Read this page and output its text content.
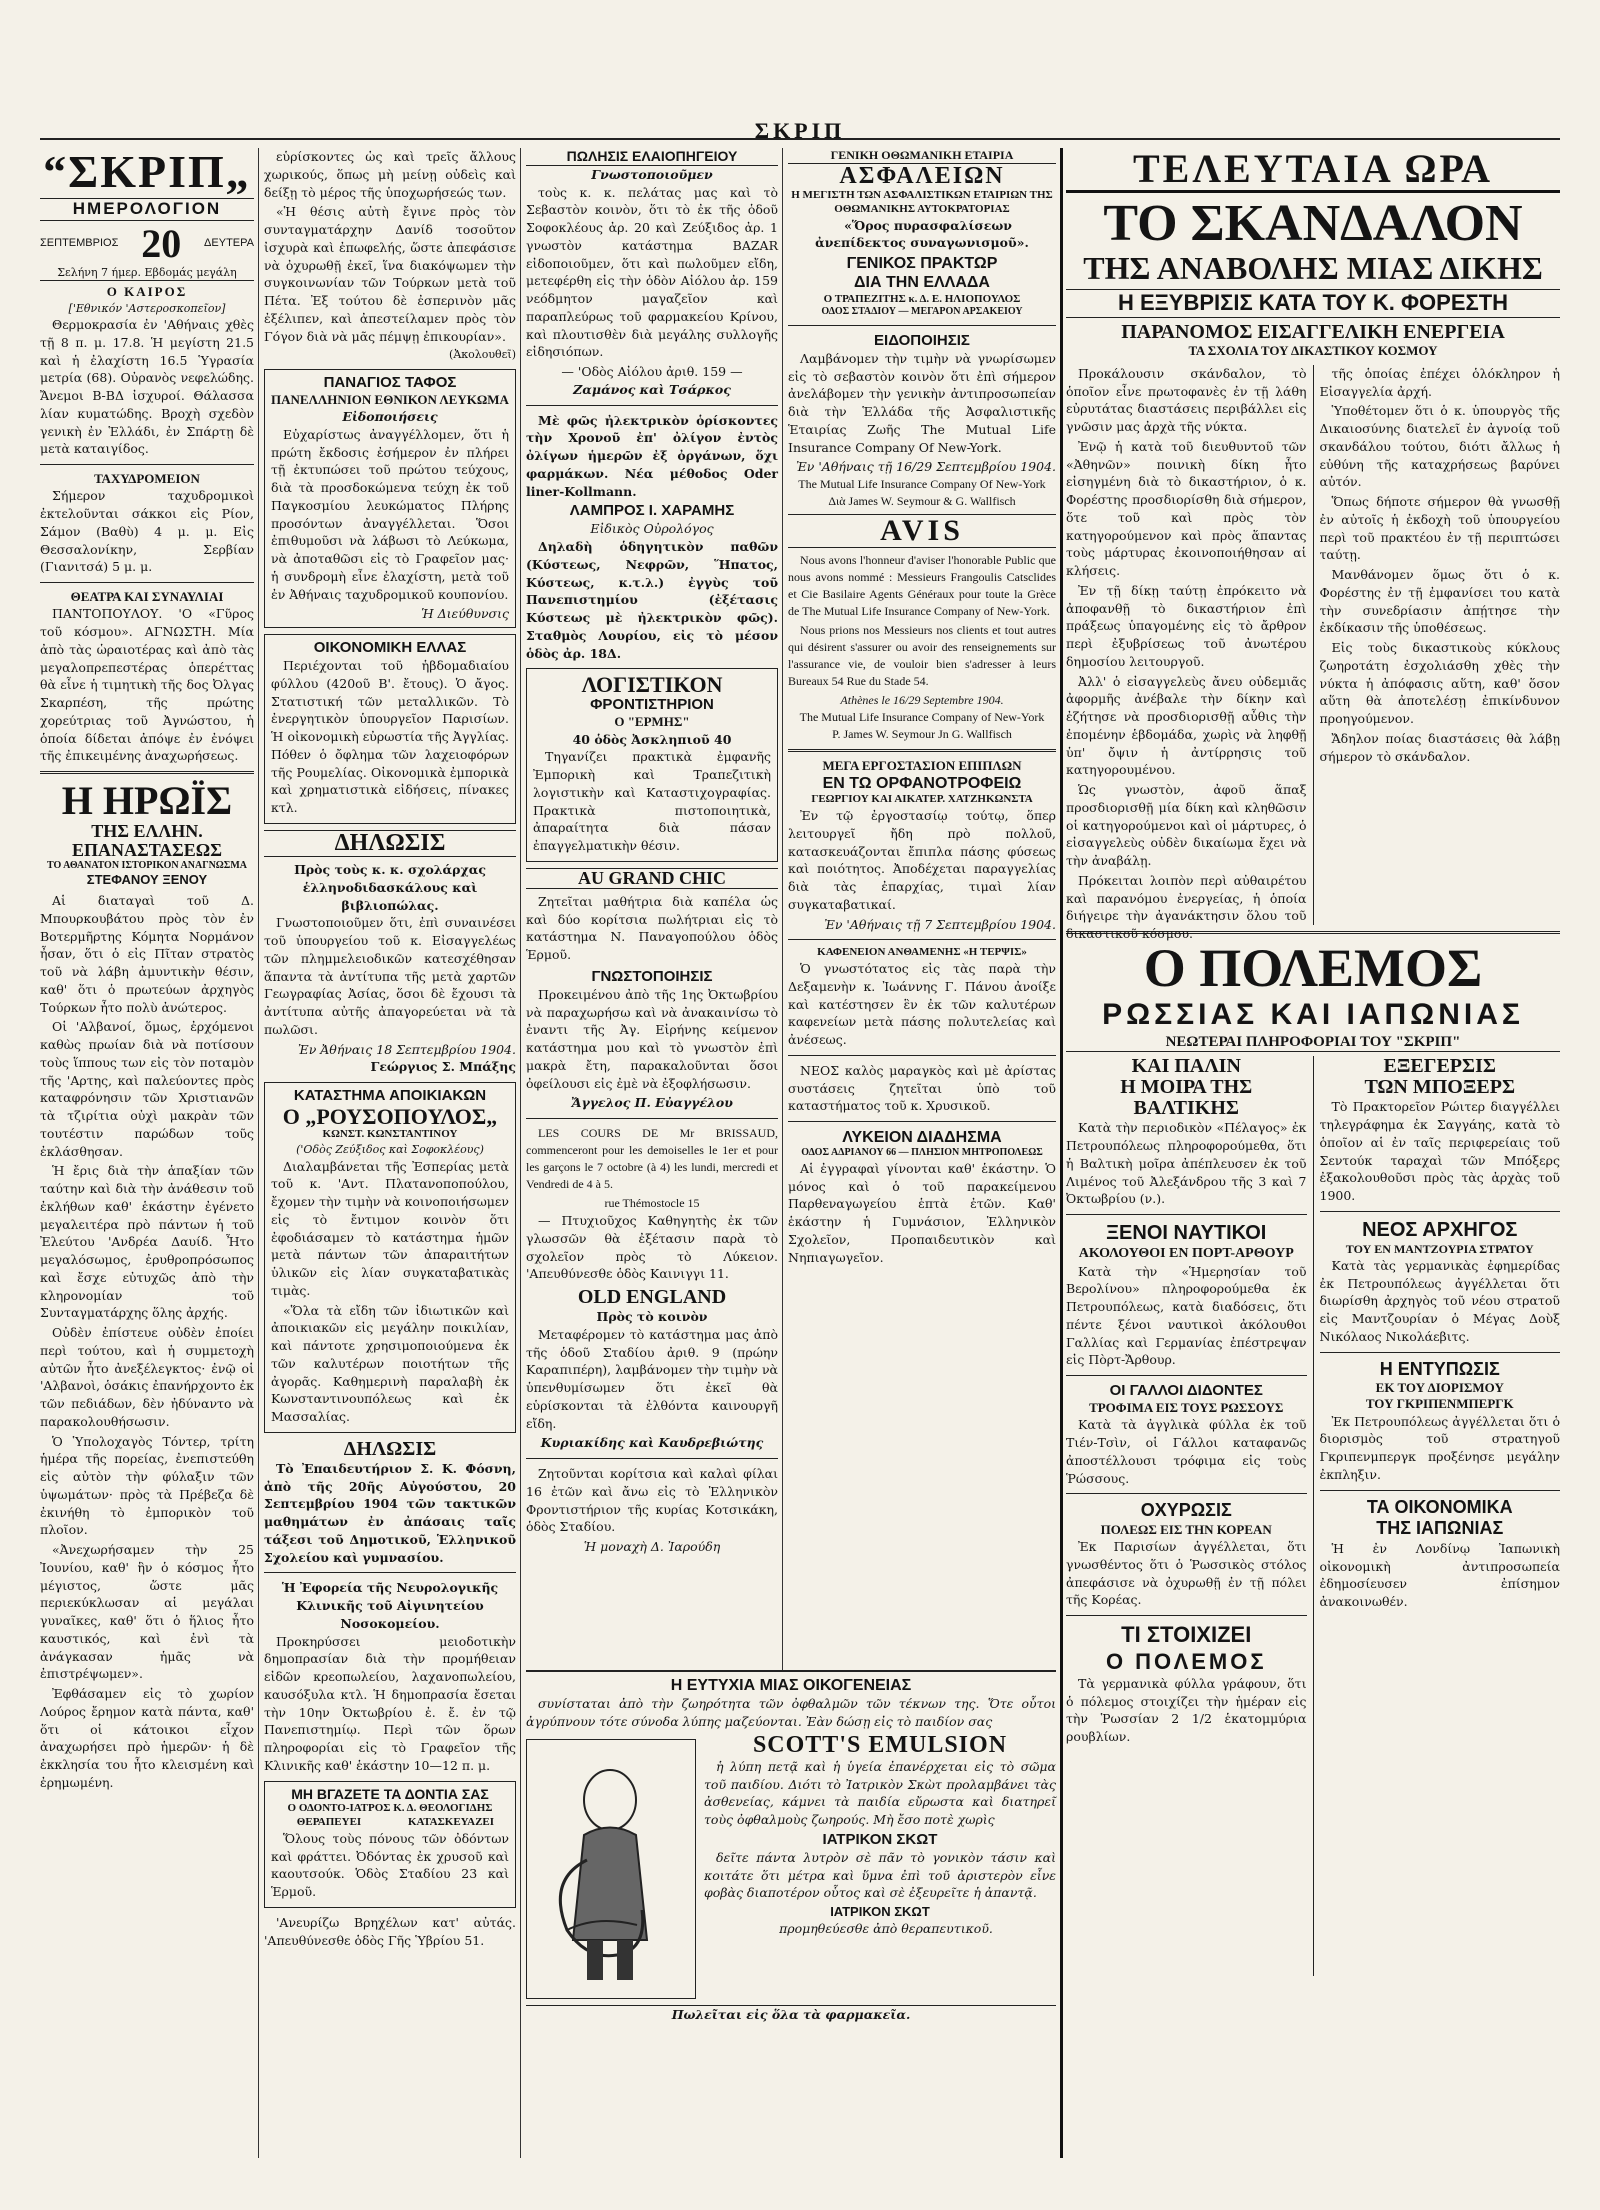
ΣΚΡΙΠ
“ΣΚΡΙΠ„
ΗΜΕΡΟΛΟΓΙΟΝ
ΣΕΠΤΕΜΒΡΙΟΣ 20 ΔΕΥΤΕΡΑ
Σελήνη 7 ήμερ. Εβδομάς μεγάλη
Ο ΚΑΙΡΟΣ
['Εθνικόν 'Αστεροσκοπεῖον]

Θερμοκρασία ἐν 'Αθήναις χθὲς τῇ 8 π. μ. 17.8. Ἡ μεγίστη 21.5 καὶ ἡ ἐλαχίστη 16.5 Ὑγρασία μετρία (68). Οὐρανὸς νεφελώδης. Ἄνεμοι Β-ΒΔ ἰσχυροί. Θάλασσα λίαν κυματώδης. Βροχὴ σχεδὸν γενικὴ ἐν Ἑλλάδι, ἐν Σπάρτῃ δὲ μετὰ καταιγίδος.

ΤΑΧΥΔΡΟΜΕΙΟΝ

Σήμερον ταχυδρομικοὶ ἐκτελοῦνται σάκκοι εἰς Ρίον, Σάμον (Βαθὺ) 4 μ. μ. Εἰς Θεσσαλονίκην, Σερβίαν (Γιανιτσά) 5 μ. μ.

ΘΕΑΤΡΑ ΚΑΙ ΣΥΝΑΥΛΙΑΙ

ΠΑΝΤΟΠΟΥΛΟΥ. 'Ο «Γῦρος τοῦ κόσμου». ΑΓΝΩΣΤΗ. Μία ἀπὸ τὰς ὡραιοτέρας καὶ ἀπὸ τὰς μεγαλοπρεπεστέρας ὁπερέττας θὰ εἶνε ἡ τιμητικὴ τῆς δος Ὀλγας Σκαρπέση, τῆς πρώτης χορεύτριας τοῦ Ἀγνώστου, ἡ ὁποία δίδεται ἀπόψε ἐν ἐνόψει τῆς ἐπικειμένης ἀναχωρήσεως.

Η ΗΡΩΪΣ
ΤΗΣ ΕΛΛΗΝ. ΕΠΑΝΑΣΤΑΣΕΩΣ
ΤΟ ΑΘΑΝΑΤΟΝ ΙΣΤΟΡΙΚΟΝ ΑΝΑΓΝΩΣΜΑ
ΣΤΕΦΑΝΟΥ ΞΕΝΟΥ

Αἱ διαταγαὶ τοῦ Δ. Μπουρκουβάτου πρὸς τὸν ἐν Βοτερμῆρτης Κόμητα Νορμάνον ἦσαν, ὅτι ὁ εἰς Πῖταν στρατὸς τοῦ νὰ λάβη ἀμυντικὴν θέσιν, καθ' ὅτι ὁ πρωτεύων ἀρχηγὸς Τούρκων ἦτο πολὺ ἀνώτερος.

Οἱ 'Αλβανοί, ὅμως, ἐρχόμενοι καθὼς πρωίαν διὰ νὰ ποτίσουν τοὺς ἵππους των εἰς τὸν ποταμὸν τῆς 'Αρτης, καὶ παλεύοντες πρὸς καταφρόνησιν τῶν Χριστιανῶν τὰ τζιρίτια οὐχὶ μακρὰν τῶν τουτέστιν παρώδων τοῦς ἐκλάσθησαν.

Ἡ ἔρις διὰ τὴν ἁπαξίαν τῶν ταύτην καὶ διὰ τὴν ἀνάθεσιν τοῦ ἐκλήθων καθ' ἑκάστην ἐγένετο μεγαλειτέρα πρὸ πάντων ἡ τοῦ Ἐλεύτου 'Ανδρέα Δαυίδ. Ἦτο μεγαλόσωμος, ἐρυθροπρόσωπος καὶ ἔσχε εὐτυχῶς ἀπὸ τὴν κληρονομίαν τοῦ Συνταγματάρχης ὅλης ἀρχής.

Οὐδὲν ἐπίστευε οὐδὲν ἐποίει περὶ τούτου, καὶ ἡ συμμετοχὴ αὐτῶν ἦτο ἀνεξέλεγκτος· ἐνῷ οἱ 'Αλβανοὶ, ὁσάκις ἐπανήρχοντο ἐκ τῶν πεδιάδων, δὲν ἠδύναντο νὰ παρακολουθήσωσιν.

Ὁ Ὑπολοχαγὸς Τόντερ, τρίτη ἡμέρα τῆς πορείας, ἐνεπιστεύθη εἰς αὐτὸν τὴν φύλαξιν τῶν ὑψωμάτων· πρὸς τὰ Πρέβεζα δὲ ἐκινήθη τὸ ἐμπορικὸν τοῦ πλοῖον.

«Ἀνεχωρήσαμεν τὴν 25 Ἰουνίου, καθ' ἣν ὁ κόσμος ἦτο μέγιστος, ὥστε μᾶς περιεκύκλωσαν αἱ μεγάλαι γυναῖκες, καθ' ὅτι ὁ ἥλιος ἦτο καυστικός, καὶ ἐνὶ τὰ ἀνάγκασαν ἡμᾶς νὰ ἐπιστρέψωμεν».

Ἐφθάσαμεν εἰς τὸ χωρίον Λούρος ἔρημον κατὰ πάντα, καθ' ὅτι οἱ κάτοικοι εἶχον ἀναχωρήσει πρὸ ἡμερῶν· ἡ δὲ ἐκκλησία του ἦτο κλεισμένη καὶ ἐρημωμένη.

εὑρίσκοντες ὡς καὶ τρεῖς ἄλλους χωρικούς, ὅπως μὴ μείνῃ οὐδεὶς καὶ δείξῃ τὸ μέρος τῆς ὑποχωρήσεώς των.

«Ἡ θέσις αὐτὴ ἔγινε πρὸς τὸν συνταγματάρχην Δανίδ τοσοῦτον ἰσχυρὰ καὶ ἐπωφελής, ὥστε ἀπεφάσισε νὰ ὀχυρωθῇ ἐκεῖ, ἵνα διακόψωμεν τὴν συγκοινωνίαν τῶν Τούρκων μετὰ τοῦ Πέτα. Ἐξ τούτου δὲ ἐσπερινὸν μᾶς ἐξέλιπεν, καὶ ἀπεστείλαμεν πρὸς τὸν Γόγον διὰ νὰ μᾶς πέμψῃ ἐπικουρίαν».

(Ἀκολουθεῖ)
ΠΑΝΑΓΙΟΣ ΤΑΦΟΣ
ΠΑΝΕΛΛΗΝΙΟΝ ΕΘΝΙΚΟΝ ΛΕΥΚΩΜΑ
Εἰδοποιήσεις

Εὐχαρίστως ἀναγγέλλομεν, ὅτι ἡ πρώτη ἔκδοσις ἐσήμερον ἐν πλήρει τῇ ἐκτυπώσει τοῦ πρώτου τεύχους, διὰ τὰ προσδοκώμενα τεύχη ἐκ τοῦ Παγκοσμίου λευκώματος Πλήρης προσόντων ἀναγγέλλεται. Ὅσοι ἐπιθυμοῦσι νὰ λάβωσι τὸ Λεύκωμα, νὰ ἀποταθῶσι εἰς τὸ Γραφεῖον μας· ἡ συνδρομὴ εἶνε ἐλαχίστη, μετὰ τοῦ ἐν Ἀθήναις ταχυδρομικοῦ κουπονίου.

Ἡ Διεύθυνσις
ΟΙΚΟΝΟΜΙΚΗ ΕΛΛΑΣ

Περιέχονται τοῦ ἡβδομαδιαίου φύλλου (420οῦ Β'. ἔτους). Ὁ ἄγος. Στατιστική τῶν μεταλλικῶν. Τὸ ἐνεργητικὸν ὑπουργεῖον Παρισίων. Ἡ οἰκονομικὴ εὐρωστία τῆς Ἀγγλίας. Πόθεν ὁ ὄφλημα τῶν λαχειοφόρων τῆς Ρουμελίας. Οἰκονομικὰ ἐμπορικὰ καὶ χρηματιστικὰ εἰδήσεις, πίνακες κτλ.

ΔΗΛΩΣΙΣ
Πρὸς τοὺς κ. κ. σχολάρχας ἑλληνοδιδασκάλους καὶ βιβλιοπώλας.

Γνωστοποιοῦμεν ὅτι, ἐπὶ συναινέσει τοῦ ὑπουργείου τοῦ κ. Εἰσαγγελέως τῶν πλημμελειοδικῶν κατεσχέθησαν ἅπαντα τὰ ἀντίτυπα τῆς μετὰ χαρτῶν Γεωγραφίας Ἀσίας, ὅσοι δὲ ἔχουσι τὰ ἀντίτυπα αὐτῆς ἀπαγορεύεται νὰ τὰ πωλῶσι.

Ἐν Ἀθήναις 18 Σεπτεμβρίου 1904.
Γεώργιος Σ. Μπάξης
ΚΑΤΑΣΤΗΜΑ ΑΠΟΙΚΙΑΚΩΝ
Ο „ΡΟΥΣΟΠΟΥΛΟΣ„
ΚΩΝΣΤ. ΚΩΝΣΤΑΝΤΙΝΟΥ
('Οδὸς Ζεύξιδος καὶ Σοφοκλέους)

Διαλαμβάνεται τῆς Ἐσπερίας μετὰ τοῦ κ. 'Αντ. Πλατανοποπούλου, ἔχομεν τὴν τιμὴν νὰ κοινοποιήσωμεν εἰς τὸ ἔντιμον κοινὸν ὅτι ἐφοδιάσαμεν τὸ κατάστημα ἡμῶν μετὰ πάντων τῶν ἀπαραιτήτων ὑλικῶν εἰς λίαν συγκαταβατικὰς τιμὰς.

«Ὅλα τὰ εἴδη τῶν ἰδιωτικῶν καὶ ἀποικιακῶν εἰς μεγάλην ποικιλίαν, καὶ πάντοτε χρησιμοποιούμενα ἐκ τῶν καλυτέρων ποιοτήτων τῆς ἀγορᾶς. Καθημερινὴ παραλαβὴ ἐκ Κωνσταντινουπόλεως καὶ ἐκ Μασσαλίας.

ΔΗΛΩΣΙΣ

Τὸ Ἐπαιδευτήριον Σ. Κ. Φόσνη, ἀπὸ τῆς 20ῆς Αὐγούστου, 20 Σεπτεμβρίου 1904 τῶν τακτικῶν μαθημάτων ἐν ἀπάσαις ταῖς τάξεσι τοῦ Δημοτικοῦ, Ἑλληνικοῦ Σχολείου καὶ γυμνασίου.

Ἡ Ἐφορεία τῆς Νευρολογικῆς Κλινικῆς τοῦ Αἰγινητείου Νοσοκομείου.

Προκηρύσσει μειοδοτικὴν δημοπρασίαν διὰ τὴν προμήθειαν εἰδῶν κρεοπωλείου, λαχανοπωλείου, καυσόξυλα κτλ. Ἡ δημοπρασία ἔσεται τὴν 10ην Ὀκτωβρίου ἐ. ἔ. ἐν τῷ Πανεπιστημίῳ. Περὶ τῶν ὅρων πληροφορίαι εἰς τὸ Γραφεῖον τῆς Κλινικῆς καθ' ἑκάστην 10—12 π. μ.

ΜΗ ΒΓΑΖΕΤΕ ΤΑ ΔΟΝΤΙΑ ΣΑΣ
Ο ΟΔΟΝΤΟ-ΙΑΤΡΟΣ Κ. Δ. ΘΕΟΛΟΓΙΔΗΣ
ΘΕΡΑΠΕΥΕΙ	ΚΑΤΑΣΚΕΥΑΖΕΙ

Ὅλους τοὺς πόνους τῶν ὀδόντων καὶ φράττει. Ὀδόντας ἐκ χρυσοῦ καὶ καουτσούκ. Ὁδὸς Σταδίου 23 καὶ Ἑρμοῦ.

'Ανευρίζω Βρηχέλων κατ' αὐτάς. 'Απευθύνεσθε ὁδὸς Γῆς Ὑβρίου 51.

ΠΩΛΗΣΙΣ ΕΛΑΙΟΠΗΓΕΙΟΥ
Γνωστοποιοῦμεν

τοὺς κ. κ. πελάτας μας καὶ τὸ Σεβαστὸν κοινὸν, ὅτι τὸ ἐκ τῆς ὁδοῦ Σοφοκλέους ἀρ. 20 καὶ Ζεύξιδος ἀρ. 1 γνωστὸν κατάστημα BAZAR εἰδοποιοῦμεν, ὅτι καὶ πωλοῦμεν εἴδη, μετεφέρθη εἰς τὴν ὁδὸν Αἰόλου ἀρ. 159 νεόδμητον μαγαζεῖον καὶ παραπλεύρως τοῦ φαρμακείου Κρίνου, καὶ πλουτισθὲν διὰ μεγάλης συλλογῆς εἰδησιόπων.

— 'Οδὸς Αἰόλου ἀριθ. 159 —
Ζαμάνος καὶ Τσάρκος

Μὲ φῶς ἠλεκτρικὸν ὁρίσκοντες τὴν Χρονοῦ ἐπ' ὀλίγον ἐντὸς ὀλίγων ἡμερῶν ἐξ ὀργάνων, ὅχι φαρμάκων. Νέα μέθοδος Oder liner-Kollmann.

ΛΑΜΠΡΟΣ Ι. ΧΑΡΑΜΗΣ
Εἰδικὸς Οὐρολόγος

Δηλαδὴ ὁδηγητικὸν παθῶν (Κύστεως, Νεφρῶν, Ἥπατος, Κύστεως, κ.τ.λ.) ἐγγὺς τοῦ Πανεπιστημίου (ἐξέτασις Κύστεως μὲ ἠλεκτρικὸν φῶς). Σταθμὸς Λουρίου, εἰς τὸ μέσον ὁδὸς ἀρ. 18Δ.

ΛΟΓΙΣΤΙΚΟΝ
ΦΡΟΝΤΙΣΤΗΡΙΟΝ
Ο "ΕΡΜΗΣ"
40 ὁδὸς Ἀσκληπιοῦ 40

Τηγανίζει πρακτικὰ ἐμφανῆς Ἐμπορικὴ καὶ Τραπεζιτικὴ λογιστικὴν καὶ Καταστιχογραφίας. Πρακτικὰ πιστοποιητικὰ, ἀπαραίτητα διὰ πάσαν ἐπαγγελματικὴν θέσιν.

AU GRAND CHIC

Ζητεῖται μαθήτρια διὰ καπέλα ὡς καὶ δύο κορίτσια πωλήτριαι εἰς τὸ κατάστημα Ν. Παναγοπούλου ὁδὸς Ἑρμοῦ.

ΓΝΩΣΤΟΠΟΙΗΣΙΣ

Προκειμένου ἀπὸ τῆς 1ης Ὀκτωβρίου νὰ παραχωρήσω καὶ νὰ ἀνακαινίσω τὸ ἐναντι τῆς Ἀγ. Εἰρήνης κείμενον κατάστημα μου καὶ τὸ γνωστὸν ἐπὶ μακρὰ ἔτη, παρακαλοῦνται ὅσοι ὀφείλουσι εἰς ἐμὲ νὰ ἐξοφλήσωσιν.

Ἄγγελος Π. Εὐαγγέλου

LES COURS DE Mr BRISSAUD, commenceront pour les demoiselles le 1er et pour les garçons le 7 octobre (à 4) les lundi, mercredi et Vendredi de 4 à 5.

rue Thémostocle 15

— Πτυχιοῦχος Καθηγητὴς ἐκ τῶν γλωσσῶν θὰ ἐξέτασιν παρὰ τὸ σχολεῖον πρὸς τὸ Λύκειον. 'Απευθύνεσθε ὁδὸς Καινιγγι 11.

OLD ENGLAND
Πρὸς τὸ κοινὸν

Μεταφέρομεν τὸ κατάστημα μας ἀπὸ τῆς ὁδοῦ Σταδίου ἀριθ. 9 (πρώην Καραπιπέρη), λαμβάνομεν τὴν τιμὴν νὰ ὑπενθυμίσωμεν ὅτι ἐκεῖ θὰ εὑρίσκονται τὰ ἐλθόντα καινουργῆ εἴδη.

Κυριακίδης καὶ Καυδρεβιώτης

Ζητοῦνται κορίτσια καὶ καλαὶ φίλαι 16 ἐτῶν καὶ ἄνω εἰς τὸ Ἑλληνικὸν Φροντιστήριον τῆς κυρίας Κοτσικάκη, ὁδὸς Σταδίου.

Ἡ μοναχὴ Δ. Ἰαρούδη
Η ΕΥΤΥΧΙΑ ΜΙΑΣ ΟΙΚΟΓΕΝΕΙΑΣ

συνίσταται ἀπὸ τὴν ζωηρότητα τῶν ὀφθαλμῶν τῶν τέκνων της. Ὅτε οὗτοι ἀγρύπνουν τότε σύνοδα λύπης μαζεύονται. Ἐὰν δώσῃ εἰς τὸ παιδίον σας

SCOTT'S EMULSION

ἡ λύπη πετᾷ καὶ ἡ ὑγεία ἐπανέρχεται εἰς τὸ σῶμα τοῦ παιδίου. Διότι τὸ Ἰατρικὸν Σκὼτ προλαμβάνει τὰς ἀσθενείας, κάμνει τὰ παιδία εὔρωστα καὶ διατηρεῖ τοὺς ὀφθαλμοὺς ζωηρούς. Μὴ ἔσο ποτὲ χωρὶς

ΙΑΤΡΙΚΟΝ ΣΚΩΤ

δεῖτε πάντα λυτρὸν σὲ πᾶν τὸ γονικὸν τάσιν καὶ κοιτάτε ὅτι μέτρα καὶ ὕμνα ἐπὶ τοῦ ἀριστερὸν εἶνε φοβὰς διαποτέρον οὗτος καὶ σὲ ἐξευρεῖτε ἡ ἀπαντᾷ.

ΙΑΤΡΙΚΟΝ ΣΚΩΤ

προμηθεύεσθε ἀπὸ θεραπευτικοῦ.

Πωλεῖται εἰς ὅλα τὰ φαρμακεῖα.
ΓΕΝΙΚΗ ΟΘΩΜΑΝΙΚΗ ΕΤΑΙΡΙΑ
ΑΣΦΑΛΕΙΩΝ
Η ΜΕΓΙΣΤΗ ΤΩΝ ΑΣΦΑΛΙΣΤΙΚΩΝ ΕΤΑΙΡΙΩΝ ΤΗΣ ΟΘΩΜΑΝΙΚΗΣ ΑΥΤΟΚΡΑΤΟΡΙΑΣ

«Ὅρος πυρασφαλίσεων ἀνεπίδεκτος συναγωνισμοῦ».

ΓΕΝΙΚΟΣ ΠΡΑΚΤΩΡ
ΔΙΑ ΤΗΝ ΕΛΛΑΔΑ
Ο ΤΡΑΠΕΖΙΤΗΣ κ. Δ. Ε. ΗΛΙΟΠΟΥΛΟΣ
ΟΔΟΣ ΣΤΑΔΙΟΥ — ΜΕΓΑΡΟΝ ΑΡΣΑΚΕΙΟΥ
ΕΙΔΟΠΟΙΗΣΙΣ

Λαμβάνομεν τὴν τιμὴν νὰ γνωρίσωμεν εἰς τὸ σεβαστὸν κοινὸν ὅτι ἐπὶ σήμερον ἀνελάβομεν τὴν γενικὴν ἀντιπροσωπείαν διὰ τὴν Ἑλλάδα τῆς Ἀσφαλιστικῆς Ἑταιρίας Ζωῆς The Mutual Life Insurance Company Of New-York.

Ἐν 'Αθήναις τῇ 16/29 Σεπτεμβρίου 1904.
The Mutual Life Insurance Company Of New-York
Διὰ James W. Seymour & G. Wallfisch
AVIS

Nous avons l'honneur d'aviser l'honorable Public que nous avons nommé : Messieurs Frangoulis Catsclides et Cie Basilaire Agents Généraux pour toute la Grèce de The Mutual Life Insurance Company of New-York.

Nous prions nos Messieurs nos clients et tout autres qui désirent s'assurer ou avoir des renseignements sur l'assurance vie, de vouloir bien s'adresser à leurs Bureaux 54 Rue du Stade 54.

Athènes le 16/29 Septembre 1904.
The Mutual Life Insurance Company of New-York
P. James W. Seymour Jn G. Wallfisch
ΜΕΓΑ ΕΡΓΟΣΤΑΣΙΟΝ ΕΠΙΠΛΩΝ
ΕΝ ΤΩ ΟΡΦΑΝΟΤΡΟΦΕΙΩ
ΓΕΩΡΓΙΟΥ ΚΑΙ ΑΙΚΑΤΕΡ. ΧΑΤΖΗΚΩΝΣΤΑ

Ἐν τῷ ἐργοστασίῳ τούτῳ, ὅπερ λειτουργεῖ ἤδη πρὸ πολλοῦ, κατασκευάζονται ἔπιπλα πάσης φύσεως καὶ ποιότητος. Ἀποδέχεται παραγγελίας διὰ τὰς ἐπαρχίας, τιμαὶ λίαν συγκαταβατικαί.

Ἐν 'Αθήναις τῇ 7 Σεπτεμβρίου 1904.
ΚΑΦΕΝΕΙΟΝ ΑΝΘΑΜΕΝΗΣ «Η ΤΕΡΨΙΣ»

Ὁ γνωστότατος εἰς τὰς παρὰ τὴν Δεξαμενὴν κ. Ἰωάννης Γ. Πάνου ἀνοίξε καὶ κατέστησεν ἓν ἐκ τῶν καλυτέρων καφενείων μετὰ πάσης πολυτελείας καὶ ἀνέσεως.

ΝΕΟΣ καλὸς μαραγκὸς καὶ μὲ ἀρίστας συστάσεις ζητεῖται ὑπὸ τοῦ καταστήματος τοῦ κ. Χρυσικοῦ.

ΛΥΚΕΙΟΝ ΔΙΑΔΗΣΜΑ
ΟΔΟΣ ΑΔΡΙΑΝΟΥ 66 — ΠΛΗΣΙΟΝ ΜΗΤΡΟΠΟΛΕΩΣ

Αἱ ἐγγραφαὶ γίνονται καθ' ἑκάστην. Ὁ μόνος καὶ ὁ τοῦ παρακείμενου Παρθεναγωγείου ἑπτὰ ἐτῶν. Καθ' ἑκάστην ἡ Γυμνάσιον, Ἑλληνικὸν Σχολεῖον, Προπαιδευτικὸν καὶ Νηπιαγωγεῖον.

ΤΕΛΕΥΤΑΙΑ ΩΡΑ
ΤΟ ΣΚΑΝΔΑΛΟΝ
ΤΗΣ ΑΝΑΒΟΛΗΣ ΜΙΑΣ ΔΙΚΗΣ
Η ΕΞΥΒΡΙΣΙΣ ΚΑΤΑ ΤΟΥ Κ. ΦΟΡΕΣΤΗ
ΠΑΡΑΝΟΜΟΣ ΕΙΣΑΓΓΕΛΙΚΗ ΕΝΕΡΓΕΙΑ
ΤΑ ΣΧΟΛΙΑ ΤΟΥ ΔΙΚΑΣΤΙΚΟΥ ΚΟΣΜΟΥ

Προκάλουσιν σκάνδαλον, τὸ ὁποῖον εἶνε πρωτοφανὲς ἐν τῇ λάθη εὐρυτάτας διαστάσεις περιβάλλει εἰς γνῶσιν μας ἀρχὰ τῆς νύκτα.

Ἐνῷ ἡ κατὰ τοῦ διευθυντοῦ τῶν «Ἀθηνῶν» ποινικὴ δίκη ἦτο εἰσηγμένη διὰ τὸ δικαστήριον, ὁ κ. Φορέστης προσδιορίσθη διὰ σήμερον, ὅτε τοῦ καὶ πρὸς τὸν κατηγορούμενον καὶ πρὸς ἅπαντας τοὺς μάρτυρας ἐκοινοποιήθησαν αἱ κλήσεις.

Ἐν τῇ δίκῃ ταύτῃ ἐπρόκειτο νὰ ἀποφανθῇ τὸ δικαστήριον ἐπὶ πράξεως ὑπαγομένης εἰς τὸ ἄρθρον περὶ ἐξυβρίσεως τοῦ ἀνωτέρου δημοσίου λειτουργοῦ.

Ἀλλ' ὁ εἰσαγγελεὺς ἄνευ οὐδεμιᾶς ἀφορμῆς ἀνέβαλε τὴν δίκην καὶ ἐζήτησε νὰ προσδιορισθῇ αὖθις τὴν ἐπομένην ἑβδομάδα, χωρὶς νὰ ληφθῇ ὑπ' ὄψιν ἡ ἀντίρρησις τοῦ κατηγορουμένου.

Ὡς γνωστὸν, ἀφοῦ ἅπαξ προσδιορισθῇ μία δίκη καὶ κληθῶσιν οἱ κατηγορούμενοι καὶ οἱ μάρτυρες, ὁ εἰσαγγελεὺς οὐδὲν δικαίωμα ἔχει νὰ τὴν ἀναβάλῃ.

Πρόκειται λοιπὸν περὶ αὐθαιρέτου καὶ παρανόμου ἐνεργείας, ἡ ὁποία διήγειρε τὴν ἀγανάκτησιν ὅλου τοῦ δικαστικοῦ κόσμου.

τῆς ὁποίας ἐπέχει ὁλόκληρον ἡ Εἰσαγγελία ἀρχή.

Ὑποθέτομεν ὅτι ὁ κ. ὑπουργὸς τῆς Δικαιοσύνης διατελεῖ ἐν ἀγνοίᾳ τοῦ σκανδάλου τούτου, διότι ἄλλως ἡ εὐθύνη τῆς καταχρήσεως βαρύνει αὐτόν.

Ὅπως δήποτε σήμερον θὰ γνωσθῇ ἐν αὐτοῖς ἡ ἐκδοχὴ τοῦ ὑπουργείου περὶ τοῦ πρακτέου ἐν τῇ περιπτώσει ταύτῃ.

Μανθάνομεν ὅμως ὅτι ὁ κ. Φορέστης ἐν τῇ ἐμφανίσει του κατὰ τὴν συνεδρίασιν ἀπῄτησε τὴν ἐκδίκασιν τῆς ὑποθέσεως.

Εἰς τοὺς δικαστικοὺς κύκλους ζωηροτάτη ἐσχολιάσθη χθὲς τὴν νύκτα ἡ ἀπόφασις αὕτη, καθ' ὅσον αὕτη θὰ ἀποτελέσῃ ἐπικίνδυνον προηγούμενον.

Ἄδηλον ποίας διαστάσεις θὰ λάβῃ σήμερον τὸ σκάνδαλον.

Ο ΠΟΛΕΜΟΣ
ΡΩΣΣΙΑΣ ΚΑΙ ΙΑΠΩΝΙΑΣ
ΝΕΩΤΕΡΑΙ ΠΛΗΡΟΦΟΡΙΑΙ ΤΟΥ "ΣΚΡΙΠ"
ΚΑΙ ΠΑΛΙΝ
Η ΜΟΙΡΑ ΤΗΣ ΒΑΛΤΙΚΗΣ

Κατὰ τὴν περιοδικὸν «Πέλαγος» ἐκ Πετρουπόλεως πληροφορούμεθα, ὅτι ἡ Βαλτικὴ μοῖρα ἀπέπλευσεν ἐκ τοῦ Λιμένος τοῦ Ἀλεξάνδρου τῆς 3 καὶ 7 Ὀκτωβρίου (ν.).

ΞΕΝΟΙ ΝΑΥΤΙΚΟΙ
ΑΚΟΛΟΥΘΟΙ ΕΝ ΠΟΡΤ-ΑΡΘΟΥΡ

Κατὰ τὴν «Ἡμερησίαν τοῦ Βερολίνου» πληροφορούμεθα ἐκ Πετρουπόλεως, κατὰ διαδόσεις, ὅτι πέντε ξένοι ναυτικοὶ ἀκόλουθοι Γαλλίας καὶ Γερμανίας ἐπέστρεψαν εἰς Πὸρτ-Ἄρθουρ.

ΟΙ ΓΑΛΛΟΙ ΔΙΔΟΝΤΕΣ
ΤΡΟΦΙΜΑ ΕΙΣ ΤΟΥΣ ΡΩΣΣΟΥΣ

Κατὰ τὰ ἀγγλικὰ φύλλα ἐκ τοῦ Τιέν-Τσὶν, οἱ Γάλλοι καταφανῶς ἀποστέλλουσι τρόφιμα εἰς τοὺς Ῥώσσους.

ΟΧΥΡΩΣΙΣ
ΠΟΛΕΩΣ ΕΙΣ ΤΗΝ ΚΟΡΕΑΝ

Ἐκ Παρισίων ἀγγέλλεται, ὅτι γνωσθέντος ὅτι ὁ Ῥωσσικὸς στόλος ἀπεφάσισε νὰ ὀχυρωθῇ ἐν τῇ πόλει τῆς Κορέας.

ΤΙ ΣΤΟΙΧΙΖΕΙ
Ο ΠΟΛΕΜΟΣ

Τὰ γερμανικὰ φύλλα γράφουν, ὅτι ὁ πόλεμος στοιχίζει τὴν ἡμέραν εἰς τὴν Ῥωσσίαν 2 1/2 ἑκατομμύρια ρουβλίων.

ΕΞΕΓΕΡΣΙΣ
ΤΩΝ ΜΠΟΞΕΡΣ

Τὸ Πρακτορεῖον Ρώιτερ διαγγέλλει τηλεγράφημα ἐκ Σαγγάης, κατὰ τὸ ὁποῖον αἱ ἐν ταῖς περιφερείαις τοῦ Σεντούκ ταραχαὶ τῶν Μπόξερς ἐξακολουθοῦσι πρὸς τὰς ἀρχὰς τοῦ 1900.

ΝΕΟΣ ΑΡΧΗΓΟΣ
ΤΟΥ ΕΝ ΜΑΝΤΖΟΥΡΙΑ ΣΤΡΑΤΟΥ

Κατὰ τὰς γερμανικὰς ἐφημερίδας ἐκ Πετρουπόλεως ἀγγέλλεται ὅτι διωρίσθη ἀρχηγὸς τοῦ νέου στρατοῦ εἰς Μαντζουρίαν ὁ Μέγας Δοὺξ Νικόλαος Νικολάεβιτς.

Η ΕΝΤΥΠΩΣΙΣ
ΕΚ ΤΟΥ ΔΙΟΡΙΣΜΟΥ
ΤΟΥ ΓΚΡΙΠΕΝΜΠΕΡΓΚ

Ἐκ Πετρουπόλεως ἀγγέλλεται ὅτι ὁ διορισμὸς τοῦ στρατηγοῦ Γκριπενμπεργκ προξένησε μεγάλην ἐκπληξιν.

ΤΑ ΟΙΚΟΝΟΜΙΚΑ
ΤΗΣ ΙΑΠΩΝΙΑΣ

Ἡ ἐν Λονδίνῳ Ἰαπωνικὴ οἰκονομικὴ ἀντιπροσωπεία ἐδημοσίευσεν ἐπίσημον ἀνακοινωθέν.
